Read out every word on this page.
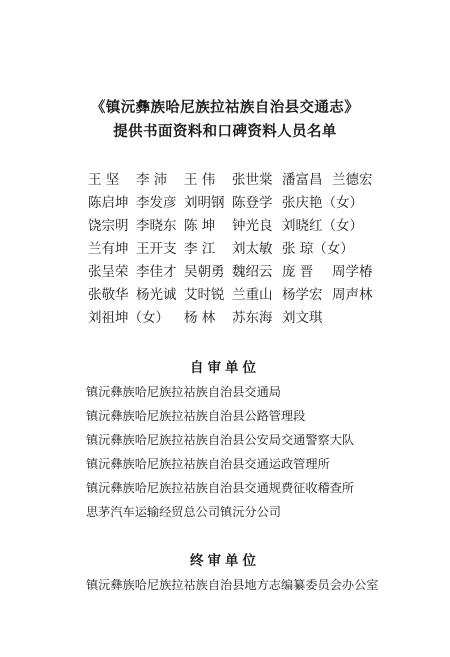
《镇沅彝族哈尼族拉祜族自治县交通志》
提供书面资料和口碑资料人员名单
王 坚 李 沛 王 伟 张世棠 潘富昌 兰德宏
陈启坤 李发彦 刘明钢 陈登学 张庆艳（女）
饶宗明 李晓东 陈 坤 钟光良 刘晓红（女）
兰有坤 王开支 李 江 刘太敏 张 琼（女）
张呈荣 李佳才 吴朝勇 魏绍云 庞 晋 周学椿
张敬华 杨光诚 艾时锐 兰重山 杨学宏 周声林
刘祖坤（女） 杨 林 苏东海 刘文琪
自审单位
镇沅彝族哈尼族拉祜族自治县交通局
镇沅彝族哈尼族拉祜族自治县公路管理段
镇沅彝族哈尼族拉祜族自治县公安局交通警察大队
镇沅彝族哈尼族拉祜族自治县交通运政管理所
镇沅彝族哈尼族拉祜族自治县交通规费征收稽查所
思茅汽车运输经贸总公司镇沅分公司
终审单位
镇沅彝族哈尼族拉祜族自治县地方志编纂委员会办公室
